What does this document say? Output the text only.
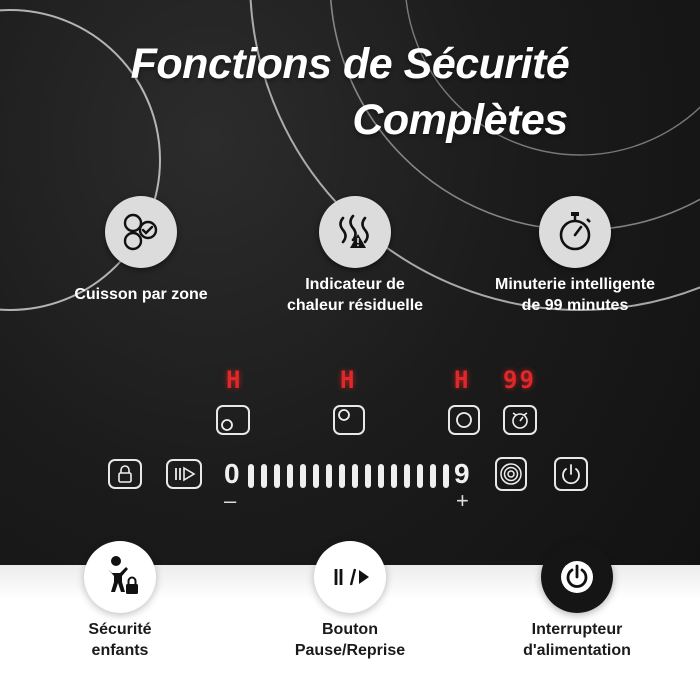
Fonctions de Sécurité
Complètes
Cuisson par zone
Indicateur de
chaleur résiduelle
Minuterie intelligente
de 99 minutes
H	H	H 99
0	9
–	+
Sécurité
enfants
Bouton
Pause/Reprise
Interrupteur
d'alimentation
